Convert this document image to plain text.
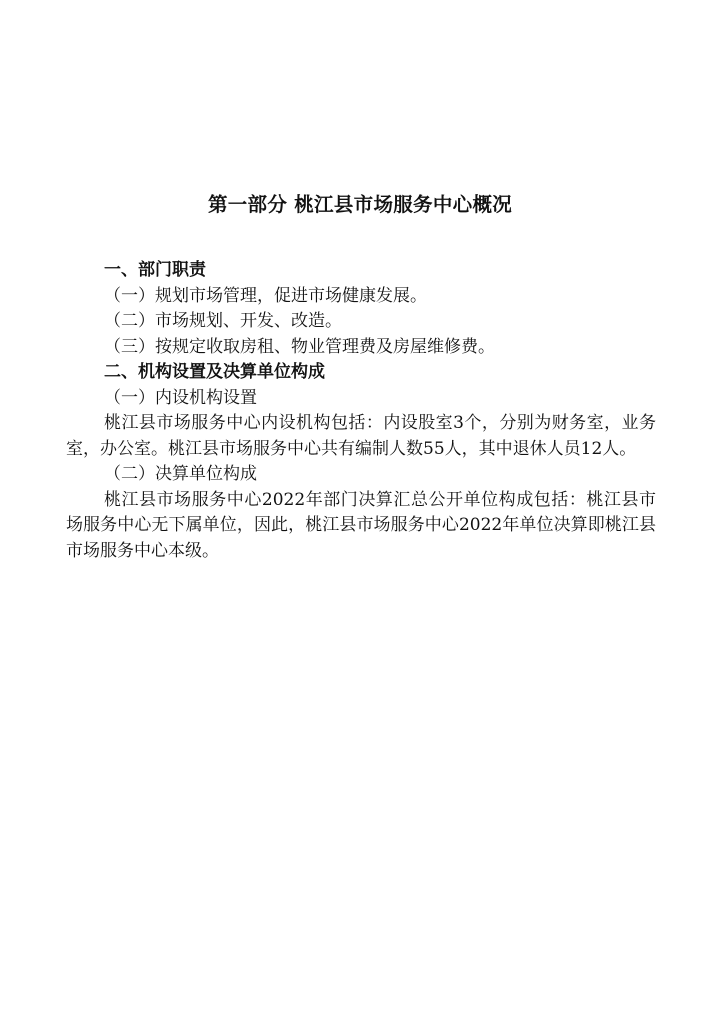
第一部分 桃江县市场服务中心概况

一、部门职责

（一）规划市场管理，促进市场健康发展。

（二）市场规划、开发、改造。

（三）按规定收取房租、物业管理费及房屋维修费。

二、机构设置及决算单位构成

（一）内设机构设置

桃江县市场服务中心内设机构包括：内设股室3个，分别为财务室，业务室，办公室。桃江县市场服务中心共有编制人数55人，其中退休人员12人。

（二）决算单位构成

桃江县市场服务中心2022年部门决算汇总公开单位构成包括：桃江县市场服务中心无下属单位，因此，桃江县市场服务中心2022年单位决算即桃江县市场服务中心本级。
